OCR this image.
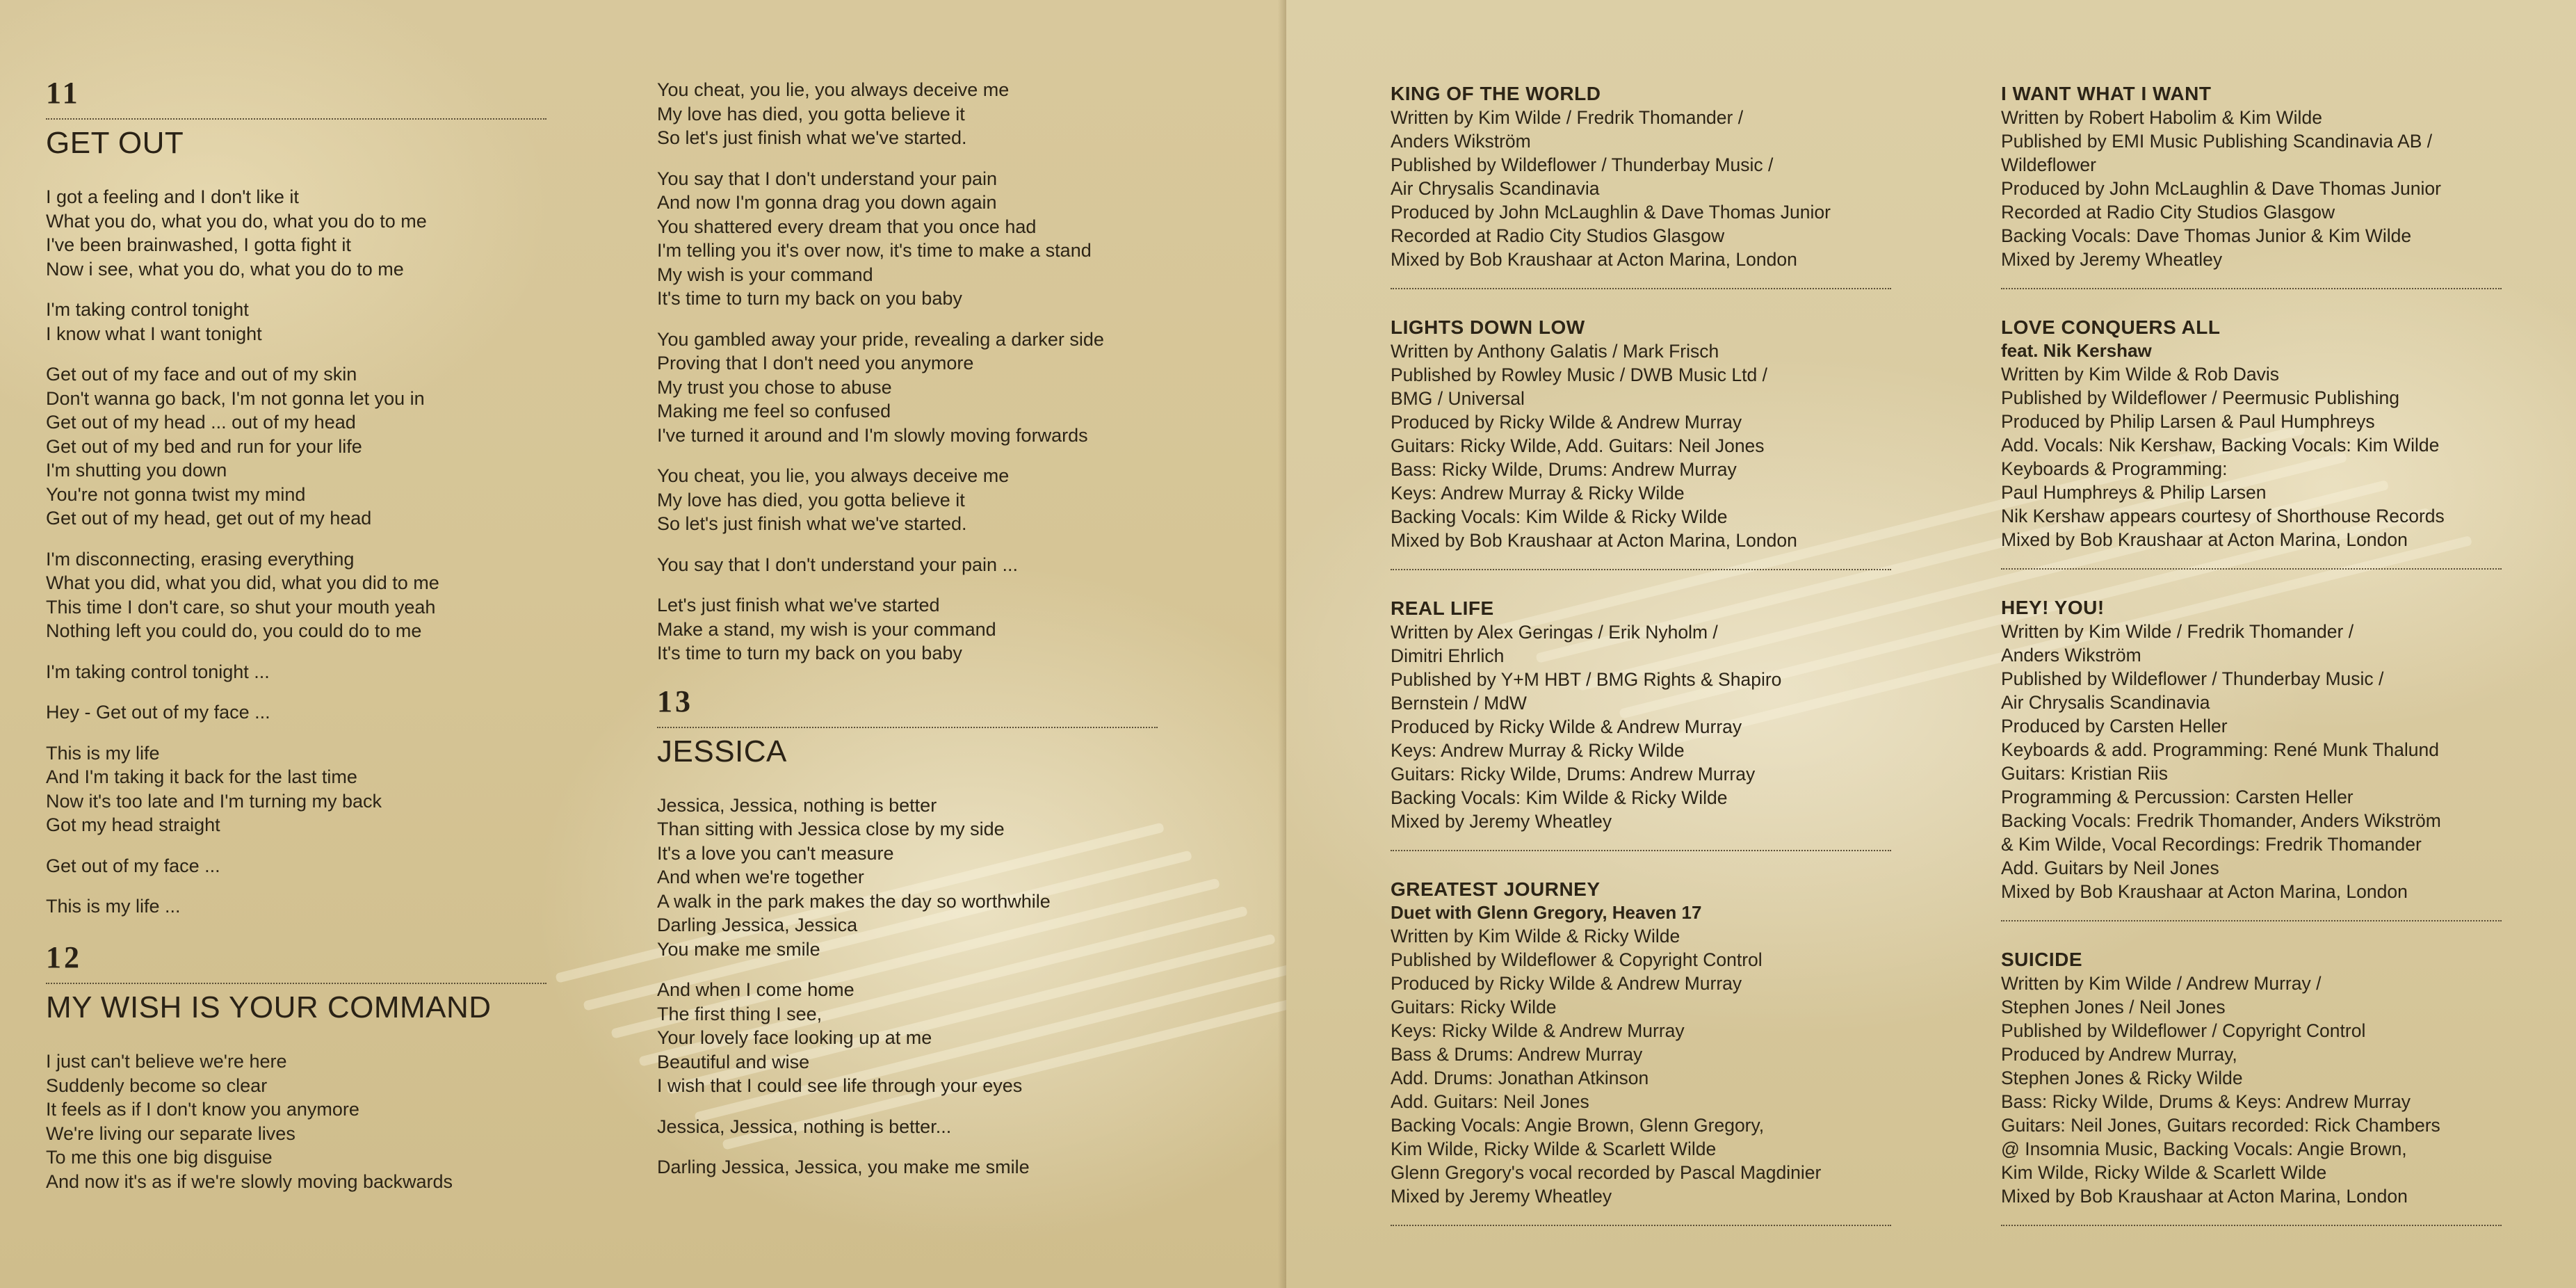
11
GET OUT
I got a feeling and I don't like it
What you do, what you do, what you do to me
I've been brainwashed, I gotta fight it
Now i see, what you do, what you do to me
I'm taking control tonight
I know what I want tonight
Get out of my face and out of my skin
Don't wanna go back, I'm not gonna let you in
Get out of my head ... out of my head
Get out of my bed and run for your life
I'm shutting you down
You're not gonna twist my mind
Get out of my head, get out of my head
I'm disconnecting, erasing everything
What you did, what you did, what you did to me
This time I don't care, so shut your mouth yeah
Nothing left you could do, you could do to me
I'm taking control tonight ...
Hey - Get out of my face ...
This is my life
And I'm taking it back for the last time
Now it's too late and I'm turning my back
Got my head straight
Get out of my face ...
This is my life ...
12
MY WISH IS YOUR COMMAND
I just can't believe we're here
Suddenly become so clear
It feels as if I don't know you anymore
We're living our separate lives
To me this one big disguise
And now it's as if we're slowly moving backwards
You cheat, you lie, you always deceive me
My love has died, you gotta believe it
So let's just finish what we've started.
You say that I don't understand your pain
And now I'm gonna drag you down again
You shattered every dream that you once had
I'm telling you it's over now, it's time to make a stand
My wish is your command
It's time to turn my back on you baby
You gambled away your pride, revealing a darker side
Proving that I don't need you anymore
My trust you chose to abuse
Making me feel so confused
I've turned it around and I'm slowly moving forwards
You cheat, you lie, you always deceive me
My love has died, you gotta believe it
So let's just finish what we've started.
You say that I don't understand your pain ...
Let's just finish what we've started
Make a stand, my wish is your command
It's time to turn my back on you baby
13
JESSICA
Jessica, Jessica, nothing is better
Than sitting with Jessica close by my side
It's a love you can't measure
And when we're together
A walk in the park makes the day so worthwhile
Darling Jessica, Jessica
You make me smile
And when I come home
The first thing I see,
Your lovely face looking up at me
Beautiful and wise
I wish that I could see life through your eyes
Jessica, Jessica, nothing is better...
Darling Jessica, Jessica, you make me smile
KING OF THE WORLD
Written by Kim Wilde / Fredrik Thomander /
Anders Wikström
Published by Wildeflower / Thunderbay Music /
Air Chrysalis Scandinavia
Produced by John McLaughlin & Dave Thomas Junior
Recorded at Radio City Studios Glasgow
Mixed by Bob Kraushaar at Acton Marina, London
LIGHTS DOWN LOW
Written by Anthony Galatis / Mark Frisch
Published by Rowley Music / DWB Music Ltd /
BMG / Universal
Produced by Ricky Wilde & Andrew Murray
Guitars: Ricky Wilde, Add. Guitars: Neil Jones
Bass: Ricky Wilde, Drums: Andrew Murray
Keys: Andrew Murray & Ricky Wilde
Backing Vocals: Kim Wilde & Ricky Wilde
Mixed by Bob Kraushaar at Acton Marina, London
REAL LIFE
Written by Alex Geringas / Erik Nyholm /
Dimitri Ehrlich
Published by Y+M HBT / BMG Rights & Shapiro
Bernstein / MdW
Produced by Ricky Wilde & Andrew Murray
Keys: Andrew Murray & Ricky Wilde
Guitars: Ricky Wilde, Drums: Andrew Murray
Backing Vocals: Kim Wilde & Ricky Wilde
Mixed by Jeremy Wheatley
GREATEST JOURNEY
Duet with Glenn Gregory, Heaven 17
Written by Kim Wilde & Ricky Wilde
Published by Wildeflower & Copyright Control
Produced by Ricky Wilde & Andrew Murray
Guitars: Ricky Wilde
Keys: Ricky Wilde & Andrew Murray
Bass & Drums: Andrew Murray
Add. Drums: Jonathan Atkinson
Add. Guitars: Neil Jones
Backing Vocals: Angie Brown, Glenn Gregory,
Kim Wilde, Ricky Wilde & Scarlett Wilde
Glenn Gregory's vocal recorded by Pascal Magdinier
Mixed by Jeremy Wheatley
I WANT WHAT I WANT
Written by Robert Habolim & Kim Wilde
Published by EMI Music Publishing Scandinavia AB /
Wildeflower
Produced by John McLaughlin & Dave Thomas Junior
Recorded at Radio City Studios Glasgow
Backing Vocals: Dave Thomas Junior & Kim Wilde
Mixed by Jeremy Wheatley
LOVE CONQUERS ALL
feat. Nik Kershaw
Written by Kim Wilde & Rob Davis
Published by Wildeflower / Peermusic Publishing
Produced by Philip Larsen & Paul Humphreys
Add. Vocals: Nik Kershaw, Backing Vocals: Kim Wilde
Keyboards & Programming:
Paul Humphreys & Philip Larsen
Nik Kershaw appears courtesy of Shorthouse Records
Mixed by Bob Kraushaar at Acton Marina, London
HEY! YOU!
Written by Kim Wilde / Fredrik Thomander /
Anders Wikström
Published by Wildeflower / Thunderbay Music /
Air Chrysalis Scandinavia
Produced by Carsten Heller
Keyboards & add. Programming: René Munk Thalund
Guitars: Kristian Riis
Programming & Percussion: Carsten Heller
Backing Vocals: Fredrik Thomander, Anders Wikström
& Kim Wilde, Vocal Recordings: Fredrik Thomander
Add. Guitars by Neil Jones
Mixed by Bob Kraushaar at Acton Marina, London
SUICIDE
Written by Kim Wilde / Andrew Murray /
Stephen Jones / Neil Jones
Published by Wildeflower / Copyright Control
Produced by Andrew Murray,
Stephen Jones & Ricky Wilde
Bass: Ricky Wilde, Drums & Keys: Andrew Murray
Guitars: Neil Jones, Guitars recorded: Rick Chambers
@ Insomnia Music, Backing Vocals: Angie Brown,
Kim Wilde, Ricky Wilde & Scarlett Wilde
Mixed by Bob Kraushaar at Acton Marina, London
